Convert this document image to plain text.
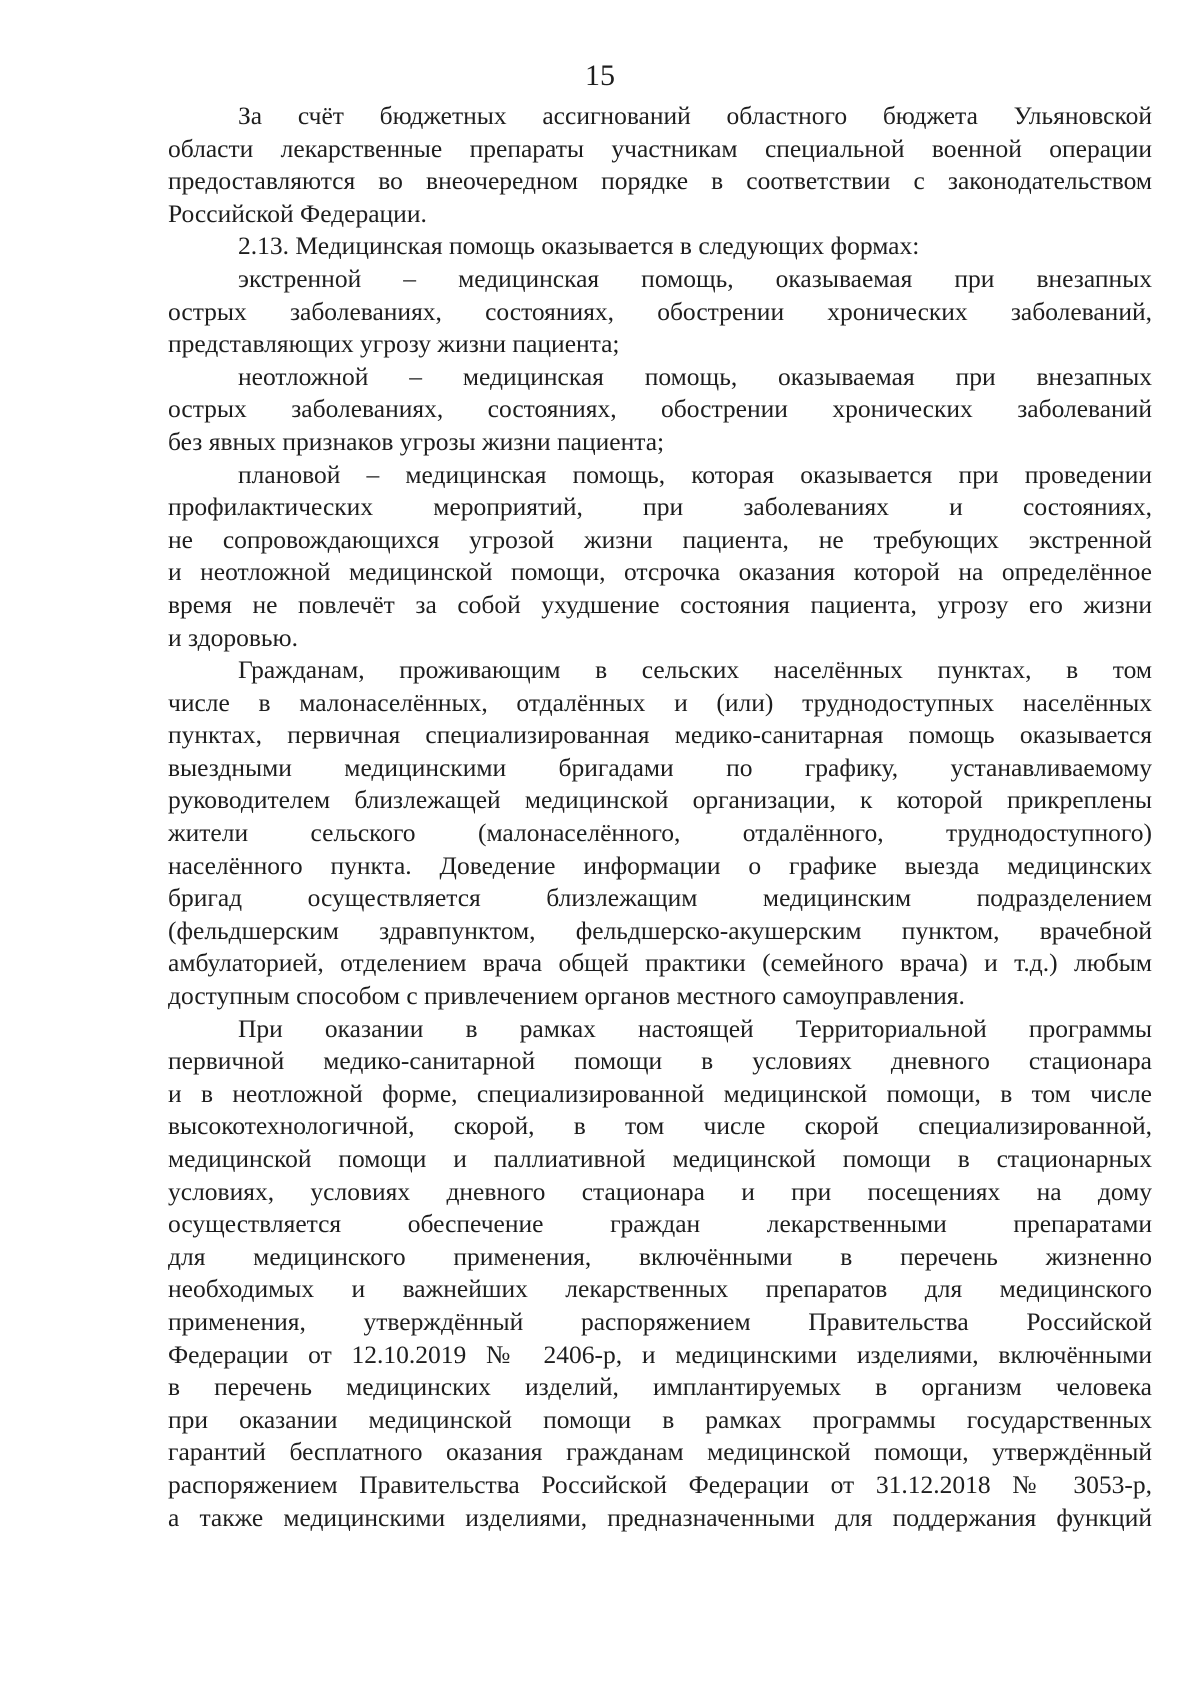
15
За счёт бюджетных ассигнований областного бюджета Ульяновской
области лекарственные препараты участникам специальной военной операции
предоставляются во внеочередном порядке в соответствии с законодательством
Российской Федерации.
2.13. Медицинская помощь оказывается в следующих формах:
экстренной – медицинская помощь, оказываемая при внезапных
острых заболеваниях, состояниях, обострении хронических заболеваний,
представляющих угрозу жизни пациента;
неотложной – медицинская помощь, оказываемая при внезапных
острых заболеваниях, состояниях, обострении хронических заболеваний
без явных признаков угрозы жизни пациента;
плановой – медицинская помощь, которая оказывается при проведении
профилактических мероприятий, при заболеваниях и состояниях,
не сопровождающихся угрозой жизни пациента, не требующих экстренной
и неотложной медицинской помощи, отсрочка оказания которой на определённое
время не повлечёт за собой ухудшение состояния пациента, угрозу его жизни
и здоровью.
Гражданам, проживающим в сельских населённых пунктах, в том
числе в малонаселённых, отдалённых и (или) труднодоступных населённых
пунктах, первичная специализированная медико-санитарная помощь оказывается
выездными медицинскими бригадами по графику, устанавливаемому
руководителем близлежащей медицинской организации, к которой прикреплены
жители сельского (малонаселённого, отдалённого, труднодоступного)
населённого пункта. Доведение информации о графике выезда медицинских
бригад осуществляется близлежащим медицинским подразделением
(фельдшерским здравпунктом, фельдшерско-акушерским пунктом, врачебной
амбулаторией, отделением врача общей практики (семейного врача) и т.д.) любым
доступным способом с привлечением органов местного самоуправления.
При оказании в рамках настоящей Территориальной программы
первичной медико-санитарной помощи в условиях дневного стационара
и в неотложной форме, специализированной медицинской помощи, в том числе
высокотехнологичной, скорой, в том числе скорой специализированной,
медицинской помощи и паллиативной медицинской помощи в стационарных
условиях, условиях дневного стационара и при посещениях на дому
осуществляется обеспечение граждан лекарственными препаратами
для медицинского применения, включёнными в перечень жизненно
необходимых и важнейших лекарственных препаратов для медицинского
применения, утверждённый распоряжением Правительства Российской
Федерации от 12.10.2019 № 2406-р, и медицинскими изделиями, включёнными
в перечень медицинских изделий, имплантируемых в организм человека
при оказании медицинской помощи в рамках программы государственных
гарантий бесплатного оказания гражданам медицинской помощи, утверждённый
распоряжением Правительства Российской Федерации от 31.12.2018 № 3053-р,
а также медицинскими изделиями, предназначенными для поддержания функций
